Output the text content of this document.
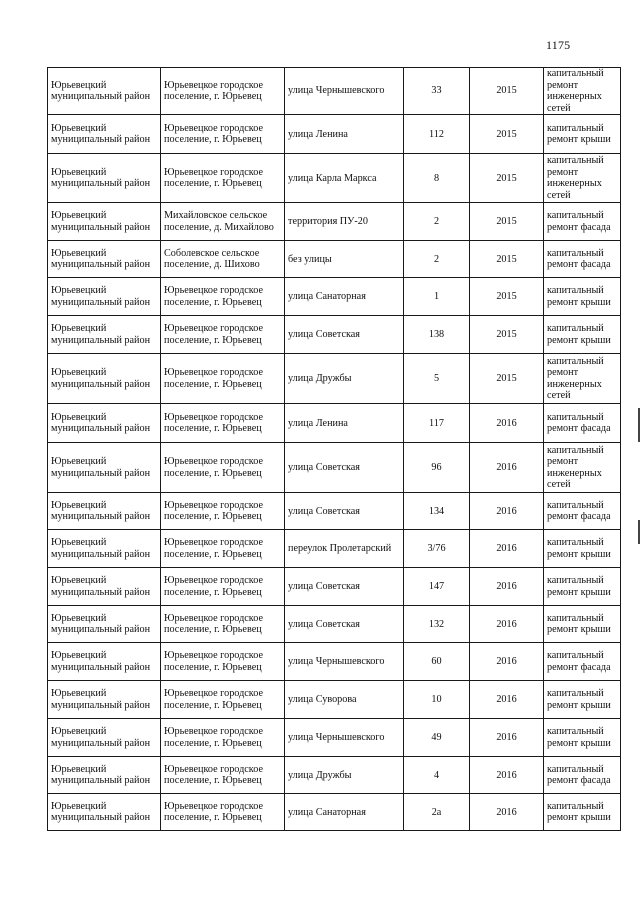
1175
Юрьевецкий муниципальный район	Юрьевецкое городское поселение, г. Юрьевец	улица Чернышевского	33	2015	капитальный ремонт инженерных сетей
Юрьевецкий муниципальный район	Юрьевецкое городское поселение, г. Юрьевец	улица Ленина	112	2015	капитальный ремонт крыши
Юрьевецкий муниципальный район	Юрьевецкое городское поселение, г. Юрьевец	улица Карла Маркса	8	2015	капитальный ремонт инженерных сетей
Юрьевецкий муниципальный район	Михайловское сельское поселение, д. Михайлово	территория ПУ-20	2	2015	капитальный ремонт фасада
Юрьевецкий муниципальный район	Соболевское сельское поселение, д. Шихово	без улицы	2	2015	капитальный ремонт фасада
Юрьевецкий муниципальный район	Юрьевецкое городское поселение, г. Юрьевец	улица Санаторная	1	2015	капитальный ремонт крыши
Юрьевецкий муниципальный район	Юрьевецкое городское поселение, г. Юрьевец	улица Советская	138	2015	капитальный ремонт крыши
Юрьевецкий муниципальный район	Юрьевецкое городское поселение, г. Юрьевец	улица Дружбы	5	2015	капитальный ремонт инженерных сетей
Юрьевецкий муниципальный район	Юрьевецкое городское поселение, г. Юрьевец	улица Ленина	117	2016	капитальный ремонт фасада
Юрьевецкий муниципальный район	Юрьевецкое городское поселение, г. Юрьевец	улица Советская	96	2016	капитальный ремонт инженерных сетей
Юрьевецкий муниципальный район	Юрьевецкое городское поселение, г. Юрьевец	улица Советская	134	2016	капитальный ремонт фасада
Юрьевецкий муниципальный район	Юрьевецкое городское поселение, г. Юрьевец	переулок Пролетарский	3/76	2016	капитальный ремонт крыши
Юрьевецкий муниципальный район	Юрьевецкое городское поселение, г. Юрьевец	улица Советская	147	2016	капитальный ремонт крыши
Юрьевецкий муниципальный район	Юрьевецкое городское поселение, г. Юрьевец	улица Советская	132	2016	капитальный ремонт крыши
Юрьевецкий муниципальный район	Юрьевецкое городское поселение, г. Юрьевец	улица Чернышевского	60	2016	капитальный ремонт фасада
Юрьевецкий муниципальный район	Юрьевецкое городское поселение, г. Юрьевец	улица Суворова	10	2016	капитальный ремонт крыши
Юрьевецкий муниципальный район	Юрьевецкое городское поселение, г. Юрьевец	улица Чернышевского	49	2016	капитальный ремонт крыши
Юрьевецкий муниципальный район	Юрьевецкое городское поселение, г. Юрьевец	улица Дружбы	4	2016	капитальный ремонт фасада
Юрьевецкий муниципальный район	Юрьевецкое городское поселение, г. Юрьевец	улица Санаторная	2а	2016	капитальный ремонт крыши
